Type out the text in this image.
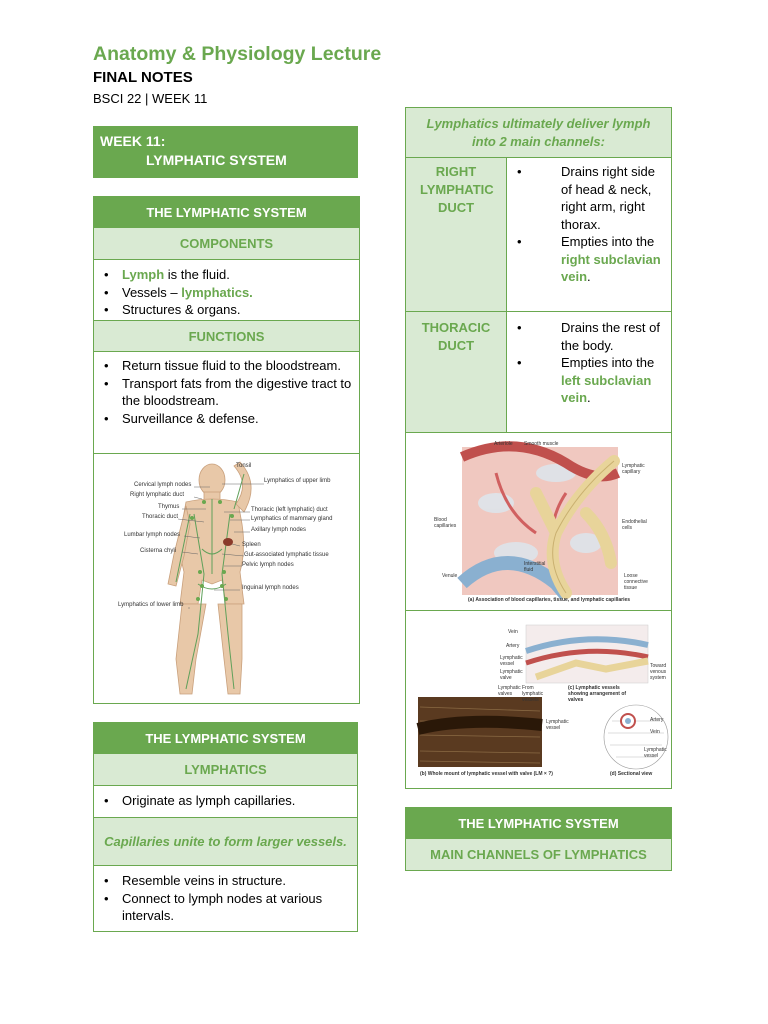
Anatomy & Physiology Lecture
FINAL NOTES
BSCI 22 | WEEK 11
WEEK 11:
LYMPHATIC SYSTEM
THE LYMPHATIC SYSTEM
COMPONENTS
• Lymph is the fluid.
• Vessels – lymphatics.
• Structures & organs.
FUNCTIONS
• Return tissue fluid to the bloodstream.
• Transport fats from the digestive tract to the bloodstream.
• Surveillance & defense.
Tonsil
Cervical lymph nodes
Right lymphatic duct
Thymus
Thoracic duct
Lumbar lymph nodes
Cisterna chyli
Lymphatics of lower limb
Lymphatics of upper limb
Thoracic (left lymphatic) duct
Lymphatics of mammary gland
Axillary lymph nodes
Spleen
Gut-associated lymphatic tissue
Pelvic lymph nodes
Inguinal lymph nodes
THE LYMPHATIC SYSTEM
LYMPHATICS
• Originate as lymph capillaries.
Capillaries unite to form larger vessels.
• Resemble veins in structure.
• Connect to lymph nodes at various intervals.
Lymphatics ultimately deliver lymph into 2 main channels:
RIGHT LYMPHATIC DUCT
• Drains right side of head & neck, right arm, right thorax.
• Empties into the right subclavian vein.
THORACIC DUCT
• Drains the rest of the body.
• Empties into the left subclavian vein.
Arteriole Smooth muscle
Lymphatic capillary
Blood capillaries
Endothelial cells
Interstitial fluid
Venule	Loose connective tissue
(a) Association of blood capillaries, tissue, and lymphatic capillaries
Vein
Artery
Lymphatic vessel
Lymphatic valve
Toward venous system
From lymphatic vessels
Lymphatic valves
(c) Lymphatic vessels showing arrangement of valves
Lymphatic vessel
Artery
Vein
Lymphatic vessel
(b) Whole mount of lymphatic vessel with valve (LM × ?)	(d) Sectional view
THE LYMPHATIC SYSTEM
MAIN CHANNELS OF LYMPHATICS
